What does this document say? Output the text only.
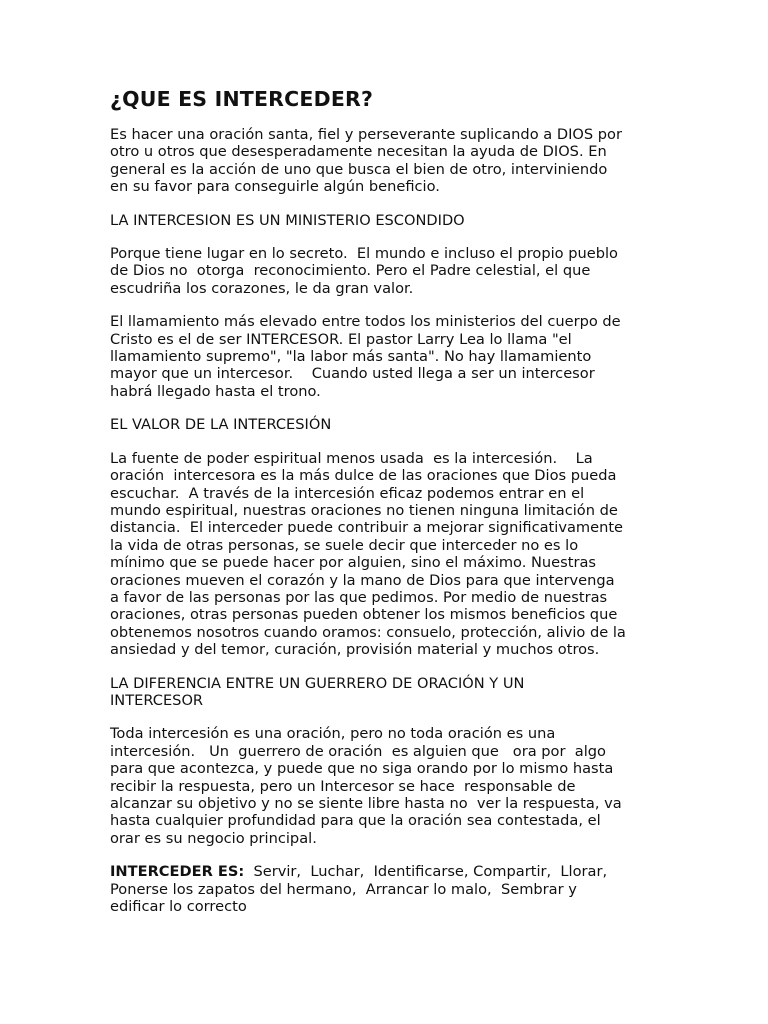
¿QUE ES INTERCEDER?
Es hacer una oración santa, fiel y perseverante suplicando a DIOS por
otro u otros que desesperadamente necesitan la ayuda de DIOS. En
general es la acción de uno que busca el bien de otro, interviniendo
en su favor para conseguirle algún beneficio.
LA INTERCESION ES UN MINISTERIO ESCONDIDO
Porque tiene lugar en lo secreto.  El mundo e incluso el propio pueblo
de Dios no  otorga  reconocimiento. Pero el Padre celestial, el que
escudriña los corazones, le da gran valor.
El llamamiento más elevado entre todos los ministerios del cuerpo de
Cristo es el de ser INTERCESOR. El pastor Larry Lea lo llama "el
llamamiento supremo", "la labor más santa". No hay llamamiento
mayor que un intercesor.    Cuando usted llega a ser un intercesor
habrá llegado hasta el trono.
EL VALOR DE LA INTERCESIÓN
La fuente de poder espiritual menos usada  es la intercesión.    La
oración  intercesora es la más dulce de las oraciones que Dios pueda
escuchar.  A través de la intercesión eficaz podemos entrar en el
mundo espiritual, nuestras oraciones no tienen ninguna limitación de
distancia.  El interceder puede contribuir a mejorar significativamente
la vida de otras personas, se suele decir que interceder no es lo
mínimo que se puede hacer por alguien, sino el máximo. Nuestras
oraciones mueven el corazón y la mano de Dios para que intervenga
a favor de las personas por las que pedimos. Por medio de nuestras
oraciones, otras personas pueden obtener los mismos beneficios que
obtenemos nosotros cuando oramos: consuelo, protección, alivio de la
ansiedad y del temor, curación, provisión material y muchos otros.
LA DIFERENCIA ENTRE UN GUERRERO DE ORACIÓN Y UN
INTERCESOR
Toda intercesión es una oración, pero no toda oración es una
intercesión.   Un  guerrero de oración  es alguien que   ora por  algo
para que acontezca, y puede que no siga orando por lo mismo hasta
recibir la respuesta, pero un Intercesor se hace  responsable de
alcanzar su objetivo y no se siente libre hasta no  ver la respuesta, va
hasta cualquier profundidad para que la oración sea contestada, el
orar es su negocio principal.
INTERCEDER ES:  Servir,  Luchar,  Identificarse, Compartir,  Llorar,
Ponerse los zapatos del hermano,  Arrancar lo malo,  Sembrar y
edificar lo correcto
